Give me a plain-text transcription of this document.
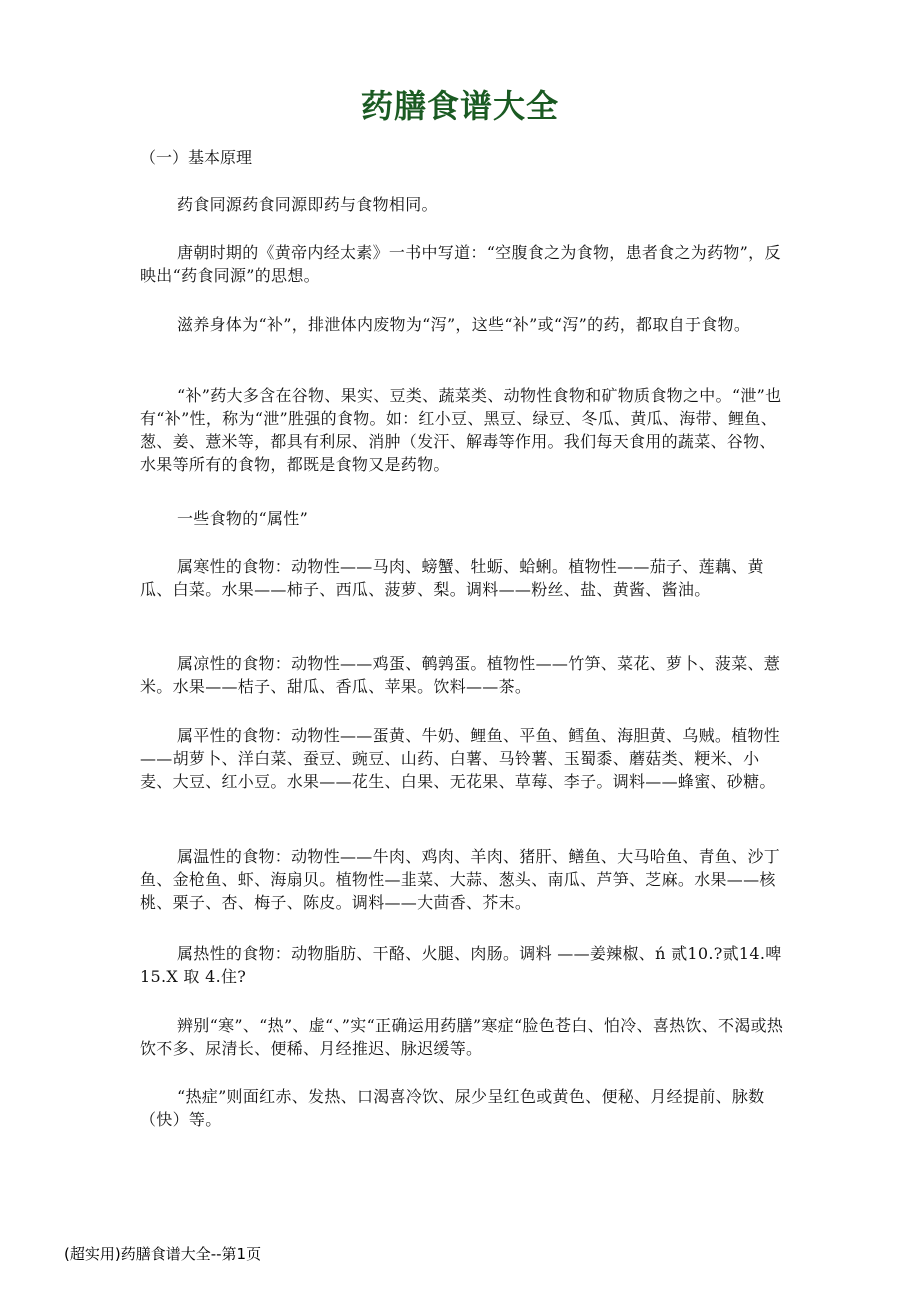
药膳食谱大全
（一）基本原理

药食同源药食同源即药与食物相同。

唐朝时期的《黄帝内经太素》一书中写道：“空腹食之为食物，患者食之为药物”，反映出“药食同源”的思想。

滋养身体为“补”，排泄体内废物为“泻”，这些“补”或“泻”的药，都取自于食物。

“补”药大多含在谷物、果实、豆类、蔬菜类、动物性食物和矿物质食物之中。“泄”也有“补”性，称为“泄”胜强的食物。如：红小豆、黑豆、绿豆、冬瓜、黄瓜、海带、鲤鱼、葱、姜、薏米等，都具有利尿、消肿（发汗、解毒等作用。我们每天食用的蔬菜、谷物、水果等所有的食物，都既是食物又是药物。

一些食物的“属性”

属寒性的食物：动物性——马肉、螃蟹、牡蛎、蛤蜊。植物性——茄子、莲藕、黄瓜、白菜。水果——柿子、西瓜、菠萝、梨。调料——粉丝、盐、黄酱、酱油。

属凉性的食物：动物性——鸡蛋、鹌鹑蛋。植物性——竹笋、菜花、萝卜、菠菜、薏米。水果——桔子、甜瓜、香瓜、苹果。饮料——茶。

属平性的食物：动物性——蛋黄、牛奶、鲤鱼、平鱼、鳕鱼、海胆黄、乌贼。植物性——胡萝卜、洋白菜、蚕豆、豌豆、山药、白薯、马铃薯、玉蜀黍、蘑菇类、粳米、小麦、大豆、红小豆。水果——花生、白果、无花果、草莓、李子。调料——蜂蜜、砂糖。

属温性的食物：动物性——牛肉、鸡肉、羊肉、猪肝、鳝鱼、大马哈鱼、青鱼、沙丁鱼、金枪鱼、虾、海扇贝。植物性—韭菜、大蒜、葱头、南瓜、芦笋、芝麻。水果——核桃、栗子、杏、梅子、陈皮。调料——大茴香、芥末。

属热性的食物：动物脂肪、干酪、火腿、肉肠。调料 ——姜辣椒、ń 贰10.?贰14.啤15.X 取 4.住?

辨别“寒”、“热”、虚“、”实“正确运用药膳”寒症“脸色苍白、怕冷、喜热饮、不渴或热饮不多、尿清长、便稀、月经推迟、脉迟缓等。

“热症”则面红赤、发热、口渴喜冷饮、尿少呈红色或黄色、便秘、月经提前、脉数（快）等。

(超实用)药膳食谱大全--第1页
